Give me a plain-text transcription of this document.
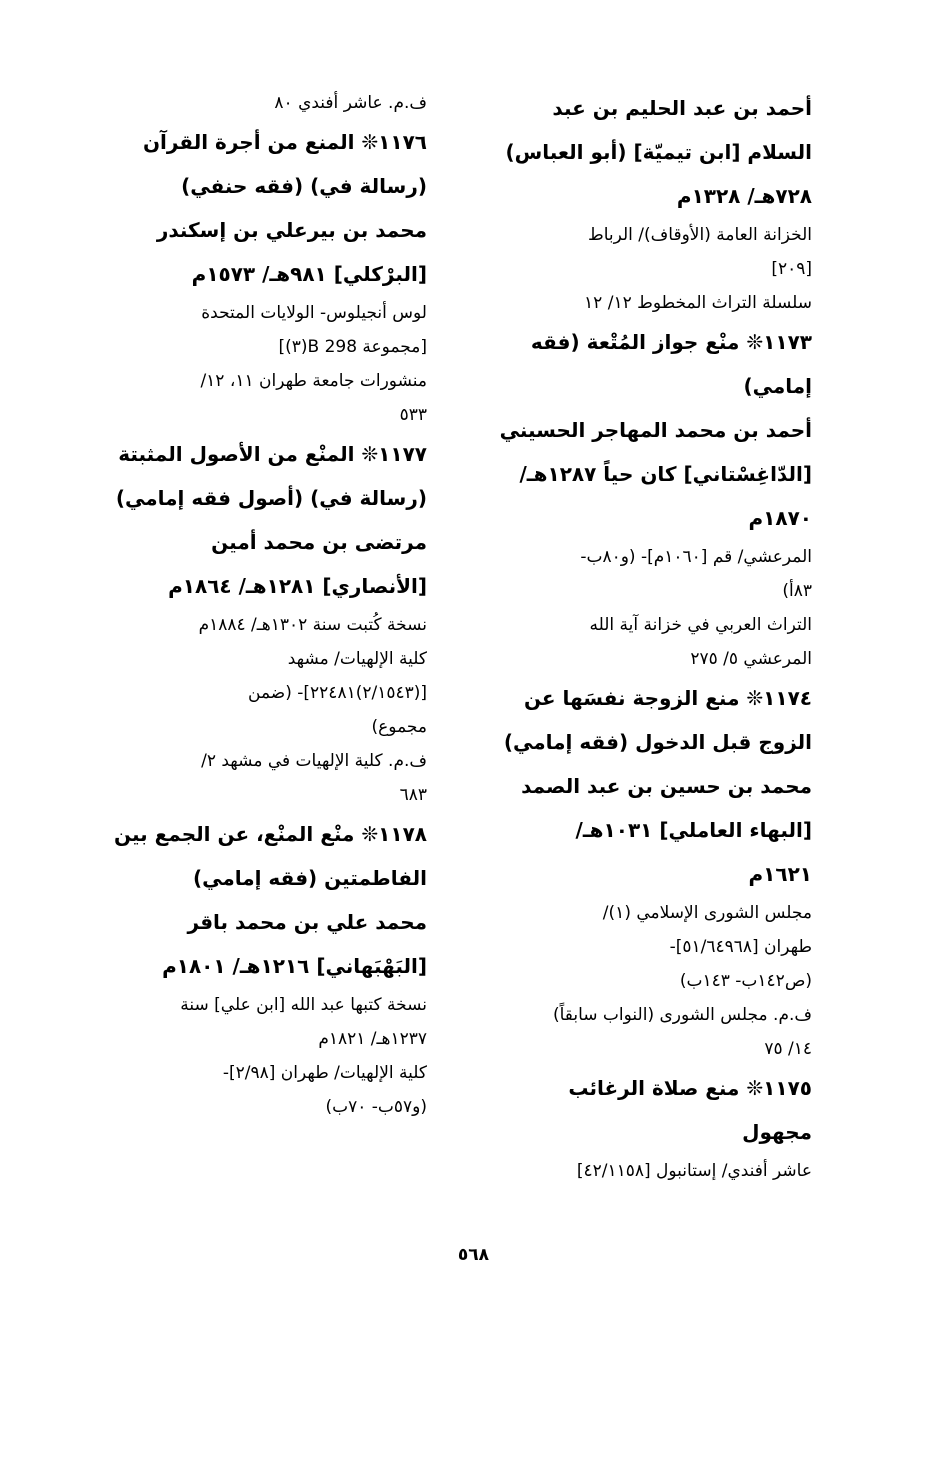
أحمد بن عبد الحليم بن عبد
السلام [ابن تيميّة] (أبو العباس)
٧٢٨هـ/ ١٣٢٨م
الخزانة العامة (الأوقاف)/ الرباط
[٢٠٩]
سلسلة التراث المخطوط ١٢/ ١٢
١١٧٣❊ منْع جواز المُتْعة (فقه
إمامي)
أحمد بن محمد المهاجر الحسيني
[الدّاغِسْتاني] كان حياً ١٢٨٧هـ/
١٨٧٠م
المرعشي/ قم [١٠٦٠م]- (و٨٠ب-
٨٣أ)
التراث العربي في خزانة آية الله
المرعشي ٥/ ٢٧٥
١١٧٤❊ منع الزوجة نفسَها عن
الزوج قبل الدخول (فقه إمامي)
محمد بن حسين بن عبد الصمد
[البهاء العاملي] ١٠٣١هـ/
١٦٢١م
مجلس الشورى الإسلامي (١)/
طهران [٥١/٦٤٩٦٨]-
(ص١٤٢ب- ١٤٣ب)
ف.م. مجلس الشورى (النواب سابقاً)
١٤/ ٧٥
١١٧٥❊ منع صلاة الرغائب
مجهول
عاشر أفندي/ إستانبول [٤٢/١١٥٨]
ف.م. عاشر أفندي ٨٠
١١٧٦❊ المنع من أجرة القرآن
(رسالة في) (فقه حنفي)
محمد بن بيرعلي بن إسكندر
[البرْكلي] ٩٨١هـ/ ١٥٧٣م
لوس أنجيلوس- الولايات المتحدة
[مجموعة 298 B(٣)]
منشورات جامعة طهران ١١، ١٢/
٥٣٣
١١٧٧❊ المنْع من الأصول المثبتة
(رسالة في) (أصول فقه إمامي)
مرتضى بن محمد أمين
[الأنصاري] ١٢٨١هـ/ ١٨٦٤م
نسخة كُتبت سنة ١٣٠٢هـ/ ١٨٨٤م
كلية الإلهيات/ مشهد
[(٢/١٥٤٣)٢٢٤٨١]- (ضمن
مجموع)
ف.م. كلية الإلهيات في مشهد ٢/
٦٨٣
١١٧٨❊ منْع المنْع، عن الجمع بين
الفاطمتين (فقه إمامي)
محمد علي بن محمد باقر
[البَهْبَهاني] ١٢١٦هـ/ ١٨٠١م
نسخة كتبها عبد الله [ابن علي] سنة
١٢٣٧هـ/ ١٨٢١م
كلية الإلهيات/ طهران [٢/٩٨]-
(و٥٧ب- ٧٠ب)
٥٦٨
